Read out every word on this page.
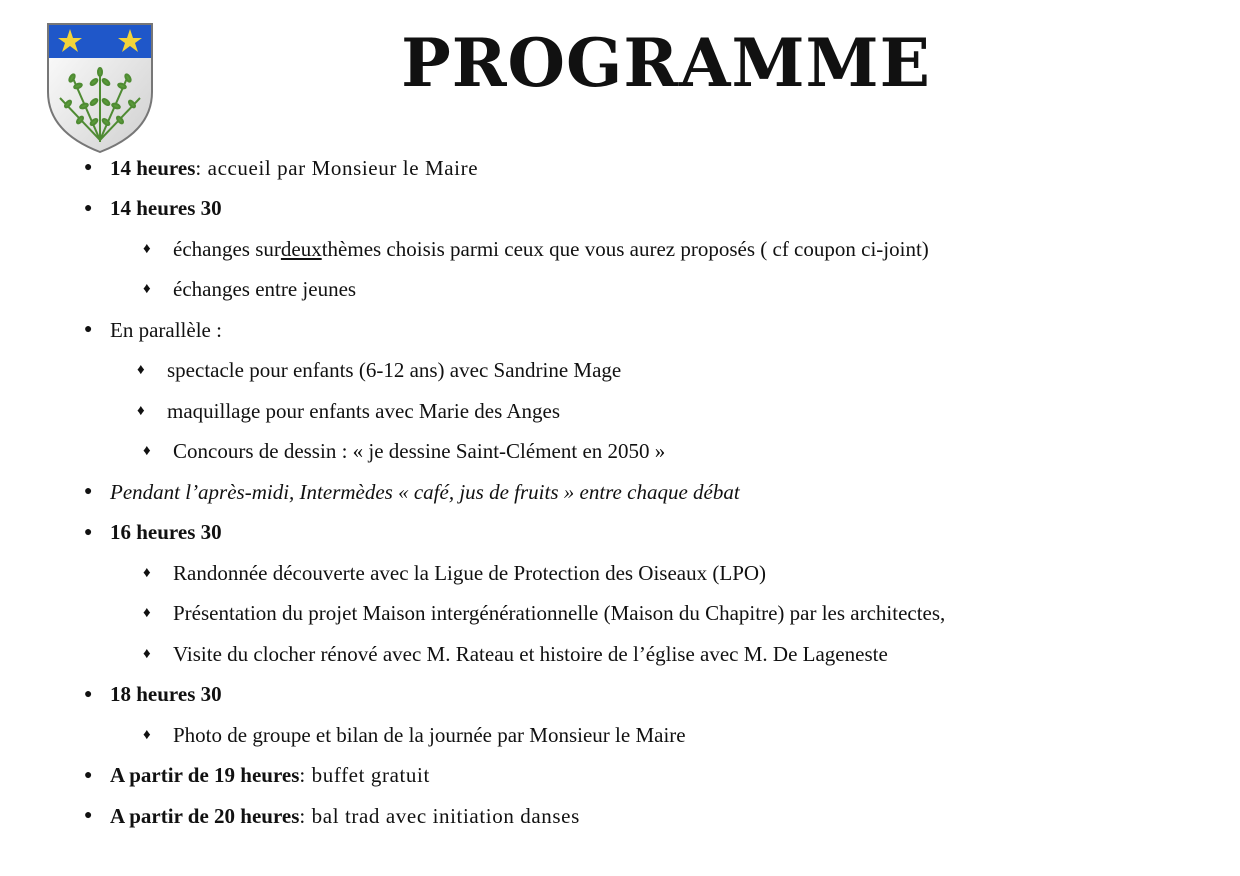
PROGRAMME
● 14 heures : accueil par Monsieur le Maire
● 14 heures 30
♦	échanges sur deux thèmes choisis parmi ceux que vous aurez proposés ( cf coupon ci-joint)
♦	échanges entre jeunes
● En parallèle :
♦	spectacle pour enfants (6-12 ans) avec Sandrine Mage
♦	maquillage pour enfants avec Marie des Anges
♦	Concours de dessin : « je dessine Saint-Clément en 2050 »
● Pendant l’après-midi, Intermèdes « café, jus de fruits » entre chaque débat
● 16 heures 30
♦	Randonnée découverte avec la Ligue de Protection des Oiseaux (LPO)
♦	Présentation du projet Maison intergénérationnelle (Maison du Chapitre) par les architectes,
♦	Visite du clocher rénové avec M. Rateau et histoire de l’église avec M. De Lageneste
● 18 heures 30
♦	Photo de groupe et bilan de la journée par Monsieur le Maire
● A partir de 19 heures : buffet gratuit
● A partir de 20 heures : bal trad avec initiation danses
